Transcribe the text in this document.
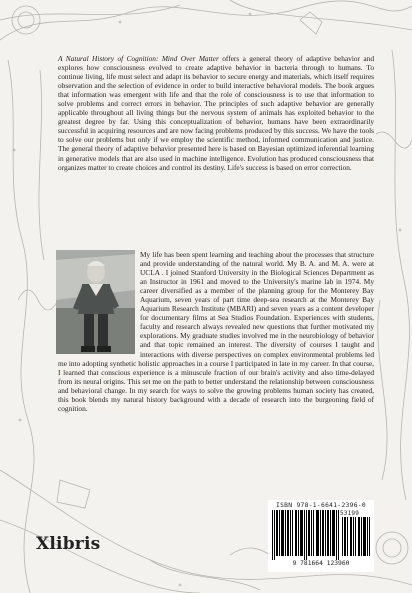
A Natural History of Cognition: Mind Over Matter offers a general theory of adaptive behavior and explores how consciousness evolved to create adaptive behavior in bacteria through to humans. To continue living, life must select and adapt its behavior to secure energy and materials, which itself requires observation and the selection of evidence in order to build interactive behavioral models. The book argues that information was emergent with life and that the role of consciousness is to use that information to solve problems and correct errors in behavior. The principles of such adaptive behavior are generally applicable throughout all living things but the nervous system of animals has exploited behavior to the greatest degree by far. Using this conceptualization of behavior, humans have been extraordinarily successful in acquiring resources and are now facing problems produced by this success. We have the tools to solve our problems but only if we employ the scientific method, informed communication and justice. The general theory of adaptive behavior presented here is based on Bayesian optimized inferential learning in generative models that are also used in machine intelligence. Evolution has produced consciousness that organizes matter to create choices and control its destiny. Life's success is based on error correction.
My life has been spent learning and teaching about the processes that structure and provide understanding of the natural world. My B. A. and M. A. were at UCLA . I joined Stanford University in the Biological Sciences Department as an Instructor in 1961 and moved to the University's marine lab in 1974. My career diversified as a member of the planning group for the Monterey Bay Aquarium, seven years of part time deep-sea research at the Monterey Bay Aquarium Research Institute (MBARI) and seven years as a content developer for documentary films at Sea Studios Foundation. Experiences with students, faculty and research always revealed new questions that further motivated my explorations. My graduate studies involved me in the neurobiology of behavior and that topic remained an interest. The diversity of courses I taught and interactions with diverse perspectives on complex environmental problems led me into adopting synthetic holistic approaches in a course I participated in late in my career. In that course, I learned that conscious experience is a minuscule fraction of our brain's activity and also time-delayed from its neural origins. This set me on the path to better understand the relationship between consciousness and behavioral change. In my search for ways to solve the growing problems human society has created, this book blends my natural history background with a decade of research into the burgeoning field of cognition.
ISBN 978-1-6641-2396-0
53199
9 781664 123960
Xlibris
